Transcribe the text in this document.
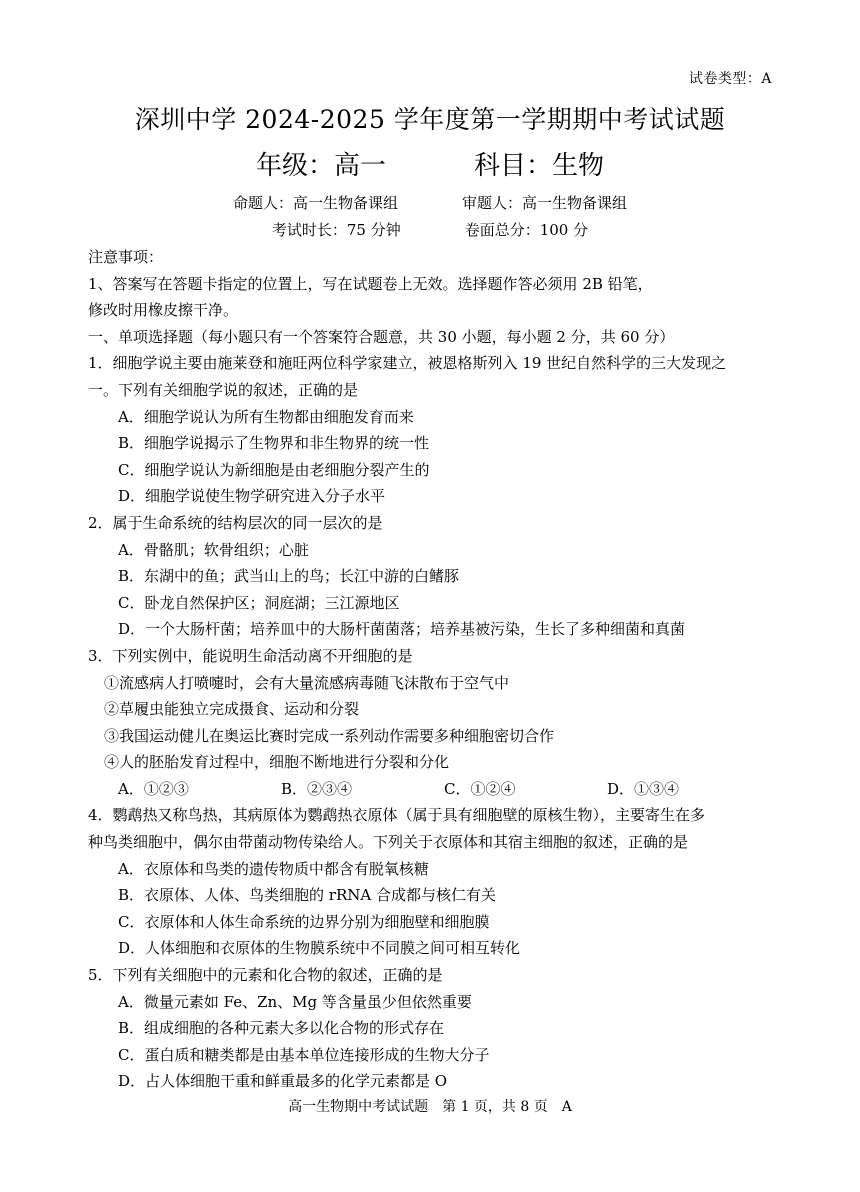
试卷类型：A
深圳中学 2024-2025 学年度第一学期期中考试试题
年级：高一	科目：生物
命题人：高一生物备课组	审题人：高一生物备课组
考试时长：75 分钟	卷面总分：100 分
注意事项：
1、答案写在答题卡指定的位置上，写在试题卷上无效。选择题作答必须用 2B 铅笔，
修改时用橡皮擦干净。
一、单项选择题（每小题只有一个答案符合题意，共 30 小题，每小题 2 分，共 60 分）
1．细胞学说主要由施莱登和施旺两位科学家建立，被恩格斯列入 19 世纪自然科学的三大发现之
一。下列有关细胞学说的叙述，正确的是
A．细胞学说认为所有生物都由细胞发育而来
B．细胞学说揭示了生物界和非生物界的统一性
C．细胞学说认为新细胞是由老细胞分裂产生的
D．细胞学说使生物学研究进入分子水平
2．属于生命系统的结构层次的同一层次的是
A．骨骼肌；软骨组织；心脏
B．东湖中的鱼；武当山上的鸟；长江中游的白鳍豚
C．卧龙自然保护区；洞庭湖；三江源地区
D．一个大肠杆菌；培养皿中的大肠杆菌菌落；培养基被污染，生长了多种细菌和真菌
3．下列实例中，能说明生命活动离不开细胞的是
①流感病人打喷嚏时，会有大量流感病毒随飞沫散布于空气中
②草履虫能独立完成摄食、运动和分裂
③我国运动健儿在奥运比赛时完成一系列动作需要多种细胞密切合作
④人的胚胎发育过程中，细胞不断地进行分裂和分化
A．①②③	B．②③④	C．①②④	D．①③④
4．鹦鹉热又称鸟热，其病原体为鹦鹉热衣原体（属于具有细胞壁的原核生物），主要寄生在多
种鸟类细胞中，偶尔由带菌动物传染给人。下列关于衣原体和其宿主细胞的叙述，正确的是
A．衣原体和鸟类的遗传物质中都含有脱氧核糖
B．衣原体、人体、鸟类细胞的 rRNA 合成都与核仁有关
C．衣原体和人体生命系统的边界分别为细胞壁和细胞膜
D．人体细胞和衣原体的生物膜系统中不同膜之间可相互转化
5．下列有关细胞中的元素和化合物的叙述，正确的是
A．微量元素如 Fe、Zn、Mg 等含量虽少但依然重要
B．组成细胞的各种元素大多以化合物的形式存在
C．蛋白质和糖类都是由基本单位连接形成的生物大分子
D．占人体细胞干重和鲜重最多的化学元素都是 O
高一生物期中考试试题　第 1 页，共 8 页　A
